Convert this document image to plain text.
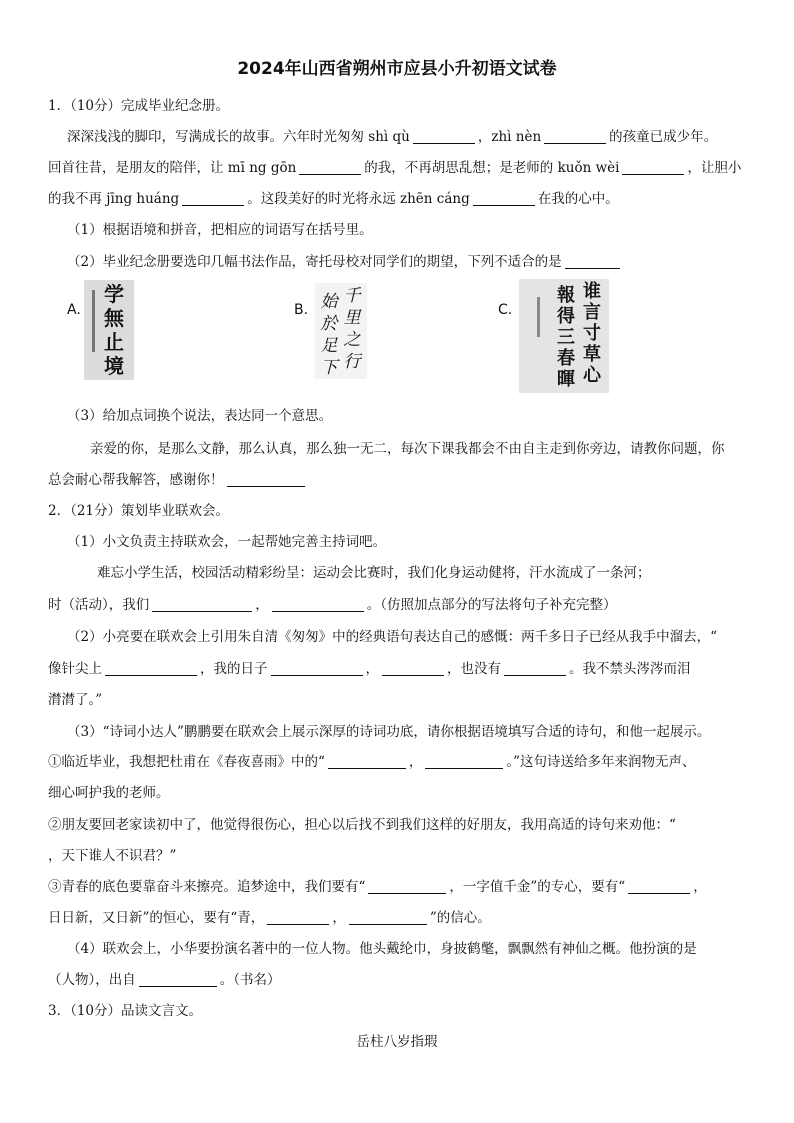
2024年山西省朔州市应县小升初语文试卷
1．（10分）完成毕业纪念册。
深深浅浅的脚印，写满成长的故事。六年时光匆匆 shì qù	，zhì nèn	的孩童已成少年。
回首往昔，是朋友的陪伴，让 mī ng gōn	的我，不再胡思乱想；是老师的 kuǒn wèi	，让胆小
的我不再 jīng huáng	。这段美好的时光将永远 zhēn cáng	在我的心中。
（1）根据语境和拼音，把相应的词语写在括号里。
（2）毕业纪念册要选印几幅书法作品，寄托母校对同学们的期望，下列不适合的是
A.
学
無
止
境
B.
千
里
之
行
始
於
足
下
C.
谁
言
寸
草
心
報
得
三
春
暉
（3）给加点词换个说法，表达同一个意思。
亲爱的你，是那么文静，那么认真，那么独一无二，每次下课我都会不由自主走到你旁边，请教你问题，你
总会耐心帮我解答，感谢你！
2．（21分）策划毕业联欢会。
（1）小文负责主持联欢会，一起帮她完善主持词吧。
难忘小学生活，校园活动精彩纷呈：运动会比赛时，我们化身运动健将，汗水流成了一条河；
时（活动），我们	，	。（仿照加点部分的写法将句子补充完整）
（2）小亮要在联欢会上引用朱自清《匆匆》中的经典语句表达自己的感慨：两千多日子已经从我手中溜去，“
像针尖上	，我的日子	，	，也没有	。我不禁头涔涔而泪
潸潸了。”
（3）“诗词小达人”鹏鹏要在联欢会上展示深厚的诗词功底，请你根据语境填写合适的诗句，和他一起展示。
①临近毕业，我想把杜甫在《春夜喜雨》中的“	，	。”这句诗送给多年来润物无声、
细心呵护我的老师。
②朋友要回老家读初中了，他觉得很伤心，担心以后找不到我们这样的好朋友，我用高适的诗句来劝他：“
，天下谁人不识君？”
③青春的底色要靠奋斗来擦亮。追梦途中，我们要有“	，一字值千金”的专心，要有“	，
日日新，又日新”的恒心，要有“青，	，	”的信心。
（4）联欢会上，小华要扮演名著中的一位人物。他头戴纶巾，身披鹤氅，飘飘然有神仙之概。他扮演的是
（人物），出自	。（书名）
3．（10分）品读文言文。
岳柱八岁指瑕
